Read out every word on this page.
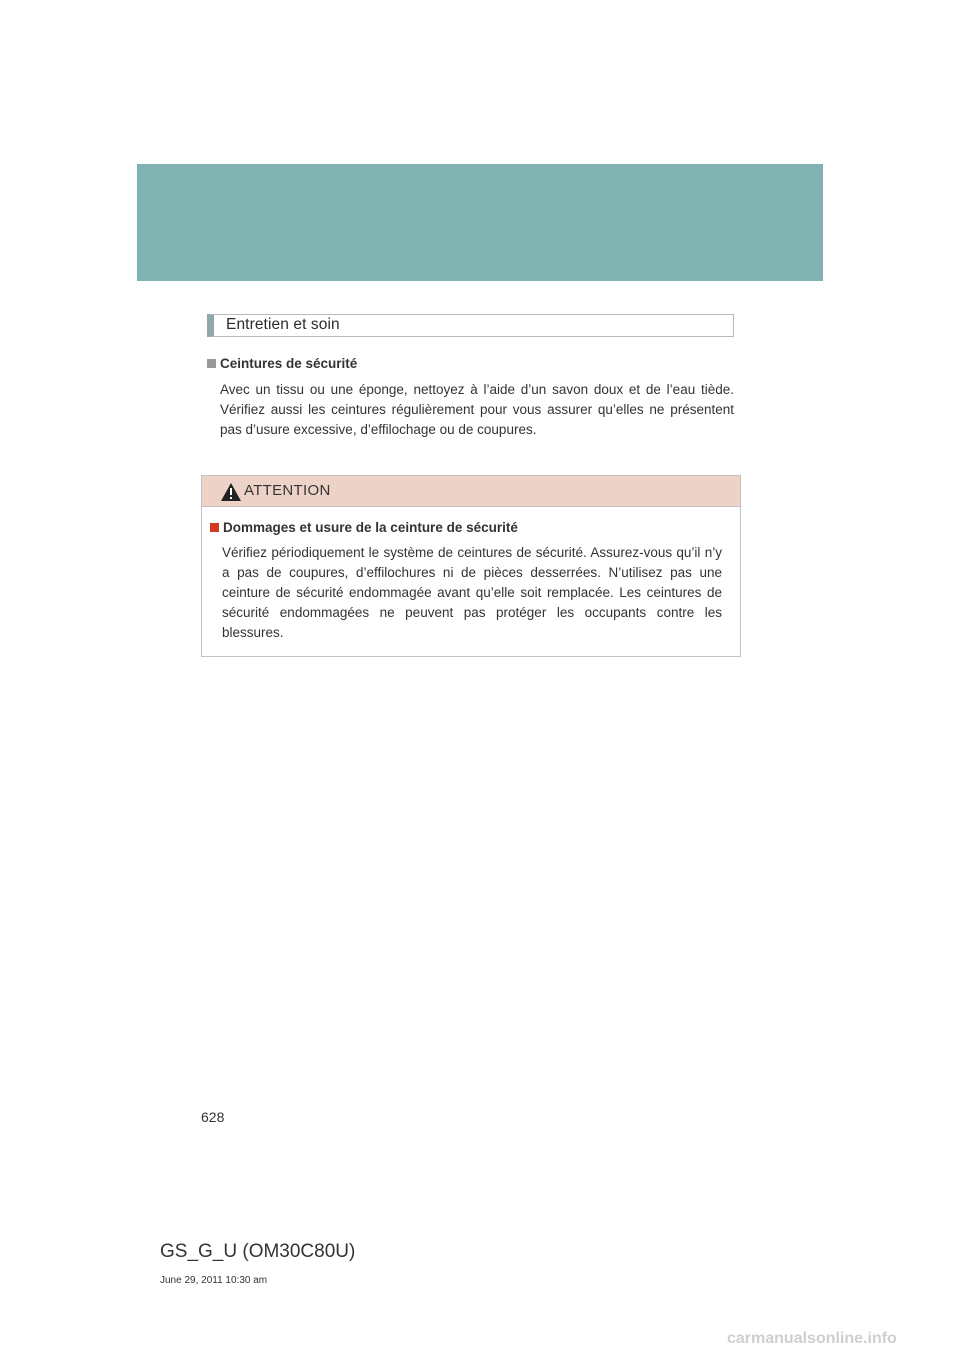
Entretien et soin
Ceintures de sécurité
Avec un tissu ou une éponge, nettoyez à l’aide d’un savon doux et de l’eau tiède. Vérifiez aussi les ceintures régulièrement pour vous assurer qu’elles ne présentent pas d’usure excessive, d’effilochage ou de coupures.
ATTENTION
Dommages et usure de la ceinture de sécurité
Vérifiez périodiquement le système de ceintures de sécurité. Assurez-vous qu’il n’y a pas de coupures, d’effilochures ni de pièces desserrées. N’utilisez pas une ceinture de sécurité endommagée avant qu’elle soit remplacée. Les ceintures de sécurité endommagées ne peuvent pas protéger les occupants contre les blessures.
628
GS_G_U (OM30C80U)
June 29, 2011 10:30 am
carmanualsonline.info
